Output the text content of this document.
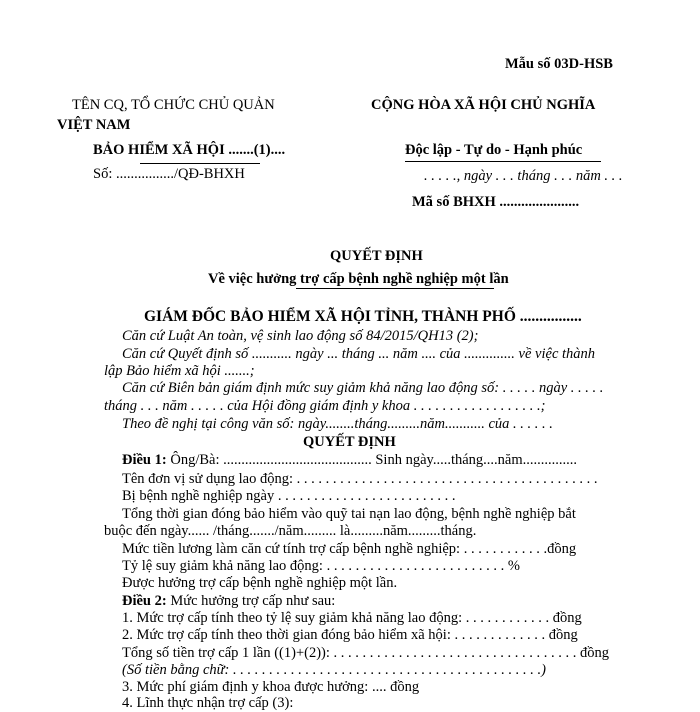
Mẫu số 03D-HSB
TÊN CQ, TỔ CHỨC CHỦ QUẢN
VIỆT NAM
BẢO HIỂM XÃ HỘI .......(1)....
Số: ................/QĐ-BHXH
CỘNG HÒA XÃ HỘI CHỦ NGHĨA
Độc lập - Tự do - Hạnh phúc
. . . . ., ngày . . . tháng . . . năm . . .
Mã số BHXH ......................
QUYẾT ĐỊNH
Về việc hưởng trợ cấp bệnh nghề nghiệp một lần
GIÁM ĐỐC BẢO HIỂM XÃ HỘI TỈNH, THÀNH PHỐ ................
Căn cứ Luật An toàn, vệ sinh lao động số 84/2015/QH13 (2);
Căn cứ Quyết định số ........... ngày ... tháng ... năm .... của .............. về việc thành
lập Bảo hiểm xã hội .......;
Căn cứ Biên bản giám định mức suy giảm khả năng lao động số: . . . . . ngày . . . . .
tháng . . . năm . . . . . của Hội đồng giám định y khoa . . . . . . . . . . . . . . . . . .;
Theo đề nghị tại công văn số: ngày........tháng.........năm........... của . . . . . .
QUYẾT ĐỊNH
Điều 1: Ông/Bà: ......................................... Sinh ngày.....tháng....năm...............
Tên đơn vị sử dụng lao động: . . . . . . . . . . . . . . . . . . . . . . . . . . . . . . . . . . . . . . . . . .
Bị bệnh nghề nghiệp ngày . . . . . . . . . . . . . . . . . . . . . . . . .
Tổng thời gian đóng bảo hiểm vào quỹ tai nạn lao động, bệnh nghề nghiệp bắt
buộc đến ngày...... /tháng......./năm......... là.........năm.........tháng.
Mức tiền lương làm căn cứ tính trợ cấp bệnh nghề nghiệp: . . . . . . . . . . . .đồng
Tỷ lệ suy giảm khả năng lao động: . . . . . . . . . . . . . . . . . . . . . . . . . %
Được hưởng trợ cấp bệnh nghề nghiệp một lần.
Điều 2: Mức hưởng trợ cấp như sau:
1. Mức trợ cấp tính theo tỷ lệ suy giảm khả năng lao động: . . . . . . . . . . . . đồng
2. Mức trợ cấp tính theo thời gian đóng bảo hiểm xã hội: . . . . . . . . . . . . . đồng
Tổng số tiền trợ cấp 1 lần ((1)+(2)): . . . . . . . . . . . . . . . . . . . . . . . . . . . . . . . . . . đồng
(Số tiền bằng chữ: . . . . . . . . . . . . . . . . . . . . . . . . . . . . . . . . . . . . . . . . . . .)
3. Mức phí giám định y khoa được hưởng: .... đồng
4. Lĩnh thực nhận trợ cấp (3):
